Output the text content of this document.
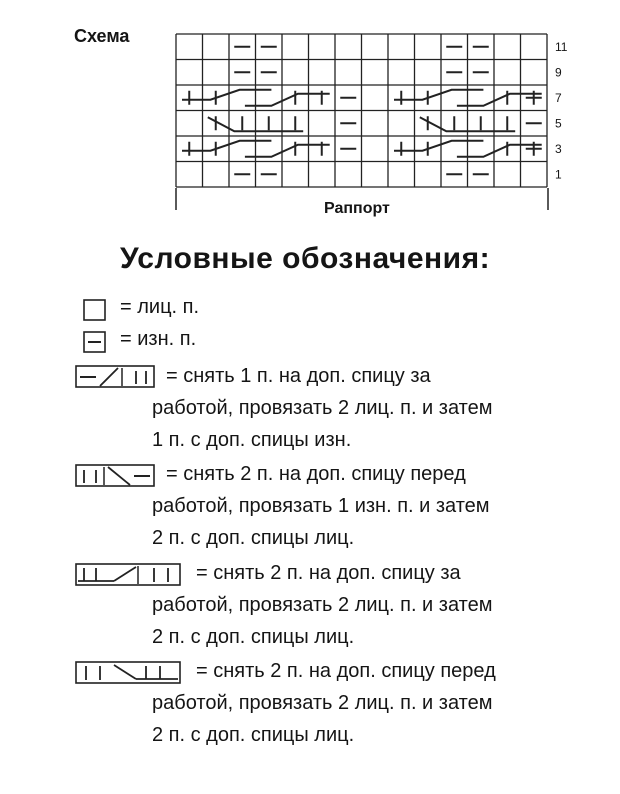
Схема
11
9
7
5
3
1
Раппорт
Условные обозначения:
= лиц. п.
= изн. п.
= снять 1 п. на доп. спицу за
работой, провязать 2 лиц. п. и затем
1 п. с доп. спицы изн.
= снять 2 п. на доп. спицу перед
работой, провязать 1 изн. п. и затем
2 п. с доп. спицы лиц.
= снять 2 п. на доп. спицу за
работой, провязать 2 лиц. п. и затем
2 п. с доп. спицы лиц.
= снять 2 п. на доп. спицу перед
работой, провязать 2 лиц. п. и затем
2 п. с доп. спицы лиц.
